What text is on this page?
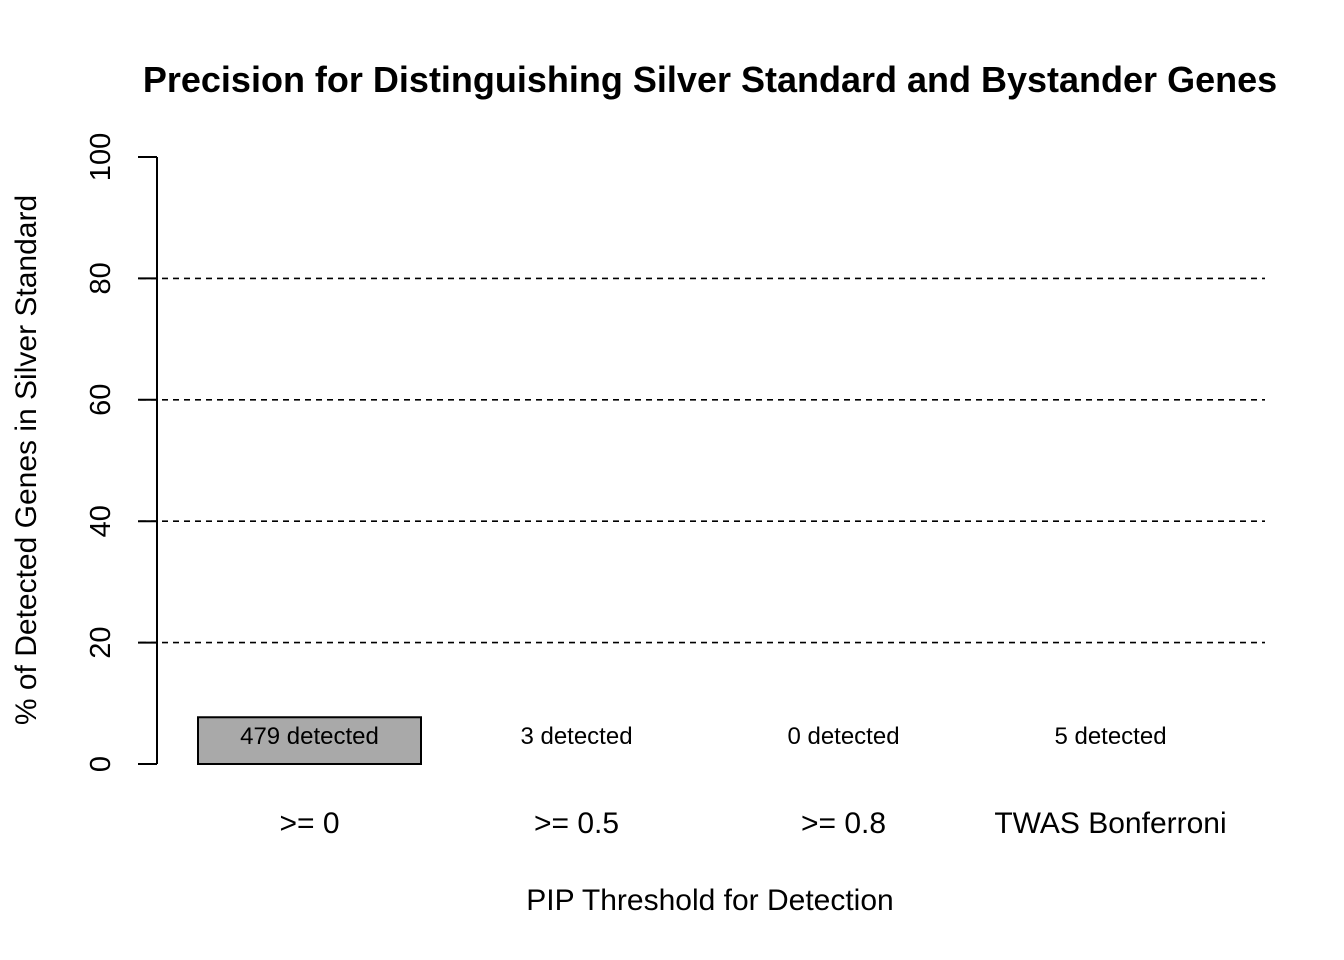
Precision for Distinguishing Silver Standard and Bystander Genes
0
20
40
60
80
100
479 detected	3 detected	0 detected	5 detected
>= 0	>= 0.5	>= 0.8	TWAS Bonferroni
PIP Threshold for Detection
% of Detected Genes in Silver Standard
